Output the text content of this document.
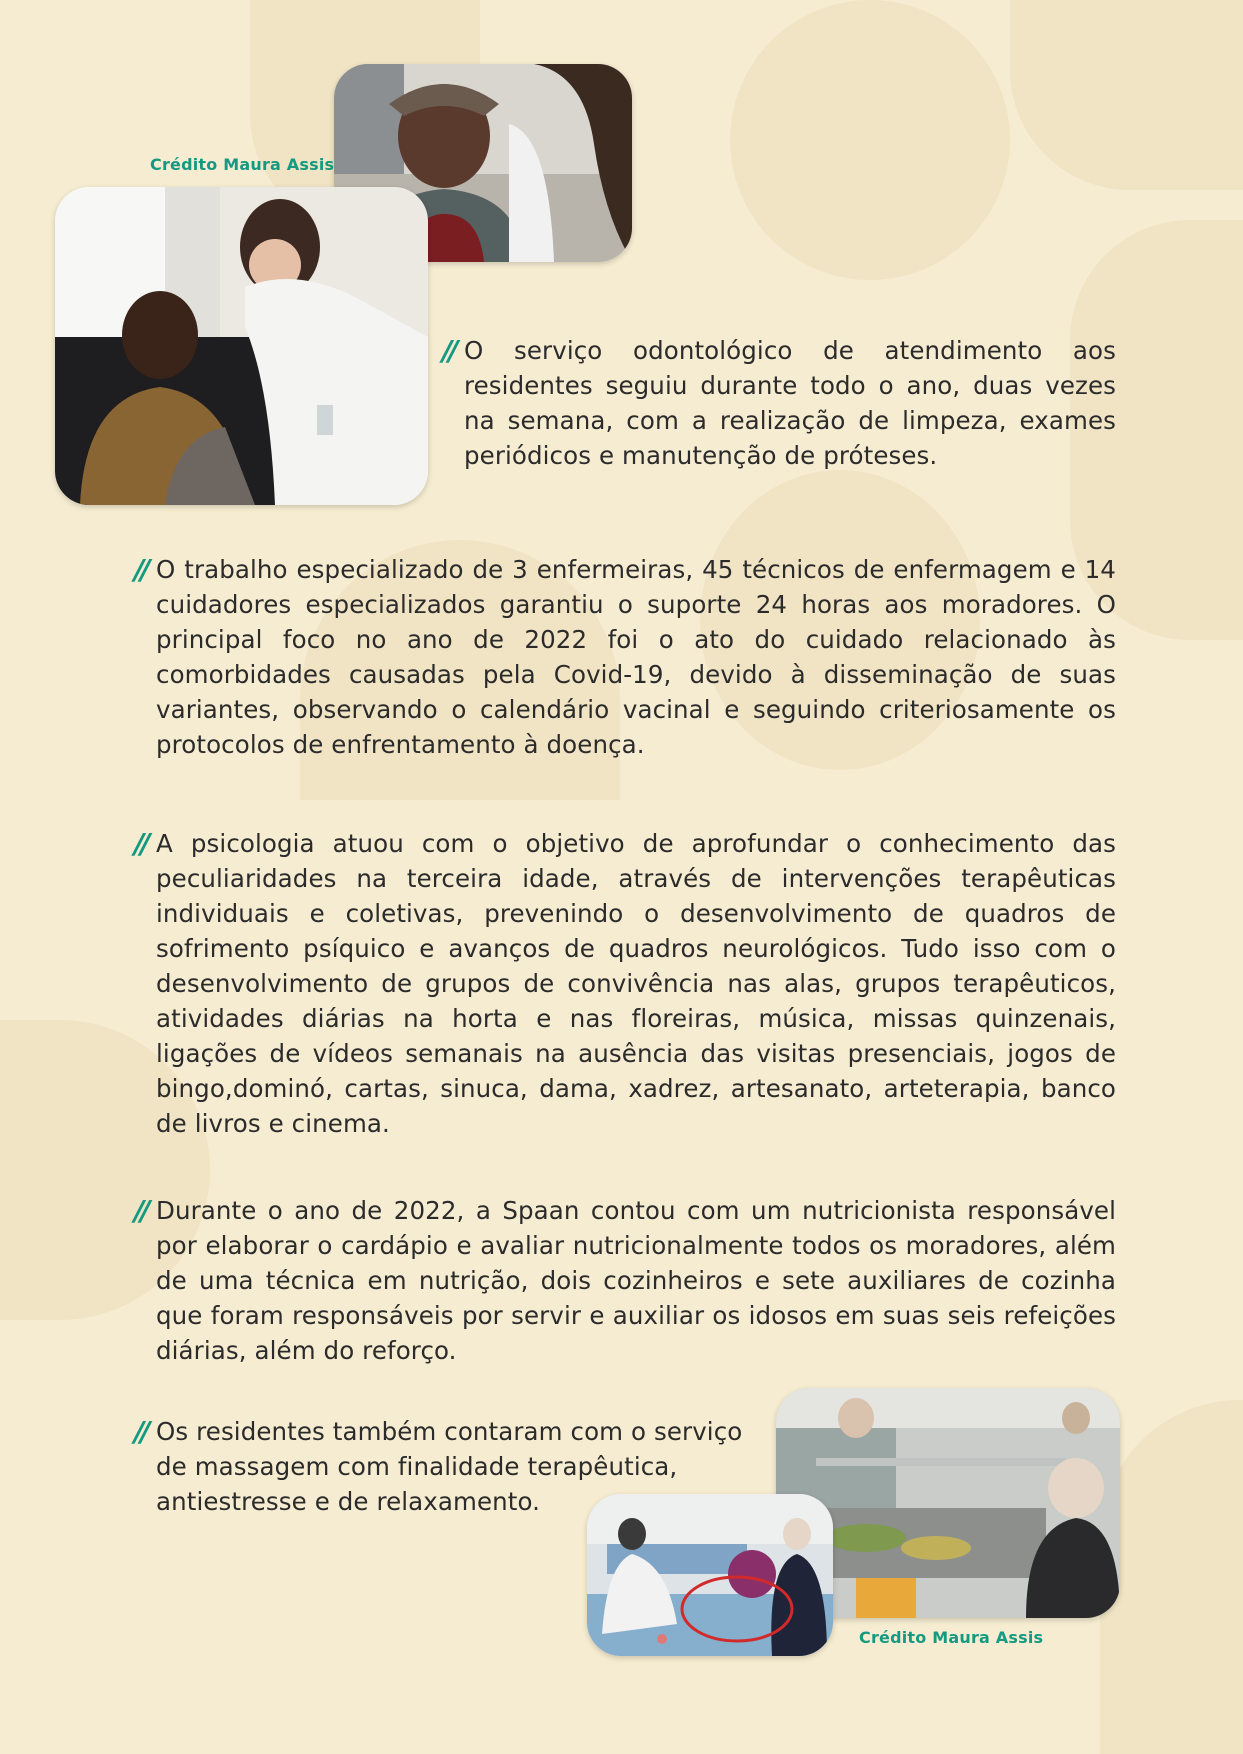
Crédito Maura Assis
// O serviço odontológico de atendimento aos residentes seguiu durante todo o ano, duas vezes na semana, com a realização de limpeza, exames periódicos e manutenção de próteses.
// O trabalho especializado de 3 enfermeiras, 45 técnicos de enfermagem e 14 cuidadores especializados garantiu o suporte 24 horas aos moradores. O principal foco no ano de 2022 foi o ato do cuidado relacionado às comorbidades causadas pela Covid-19, devido à disseminação de suas variantes, observando o calendário vacinal e seguindo criteriosamente os protocolos de enfrentamento à doença.
// A psicologia atuou com o objetivo de aprofundar o conhecimento das peculiaridades na terceira idade, através de intervenções terapêuticas individuais e coletivas, prevenindo o desenvolvimento de quadros de sofrimento psíquico e avanços de quadros neurológicos. Tudo isso com o desenvolvimento de grupos de convivência nas alas, grupos terapêuticos, atividades diárias na horta e nas floreiras, música, missas quinzenais, ligações de vídeos semanais na ausência das visitas presenciais, jogos de bingo,dominó, cartas, sinuca, dama, xadrez, artesanato, arteterapia, banco de livros e cinema.
// Durante o ano de 2022, a Spaan contou com um nutricionista responsável por elaborar o cardápio e avaliar nutricionalmente todos os moradores, além de uma técnica em nutrição, dois cozinheiros e sete auxiliares de cozinha que foram responsáveis por servir e auxiliar os idosos em suas seis refeições diárias, além do reforço.
// Os residentes também contaram com o serviço de massagem com finalidade terapêutica, antiestresse e de relaxamento.
Crédito Maura Assis
